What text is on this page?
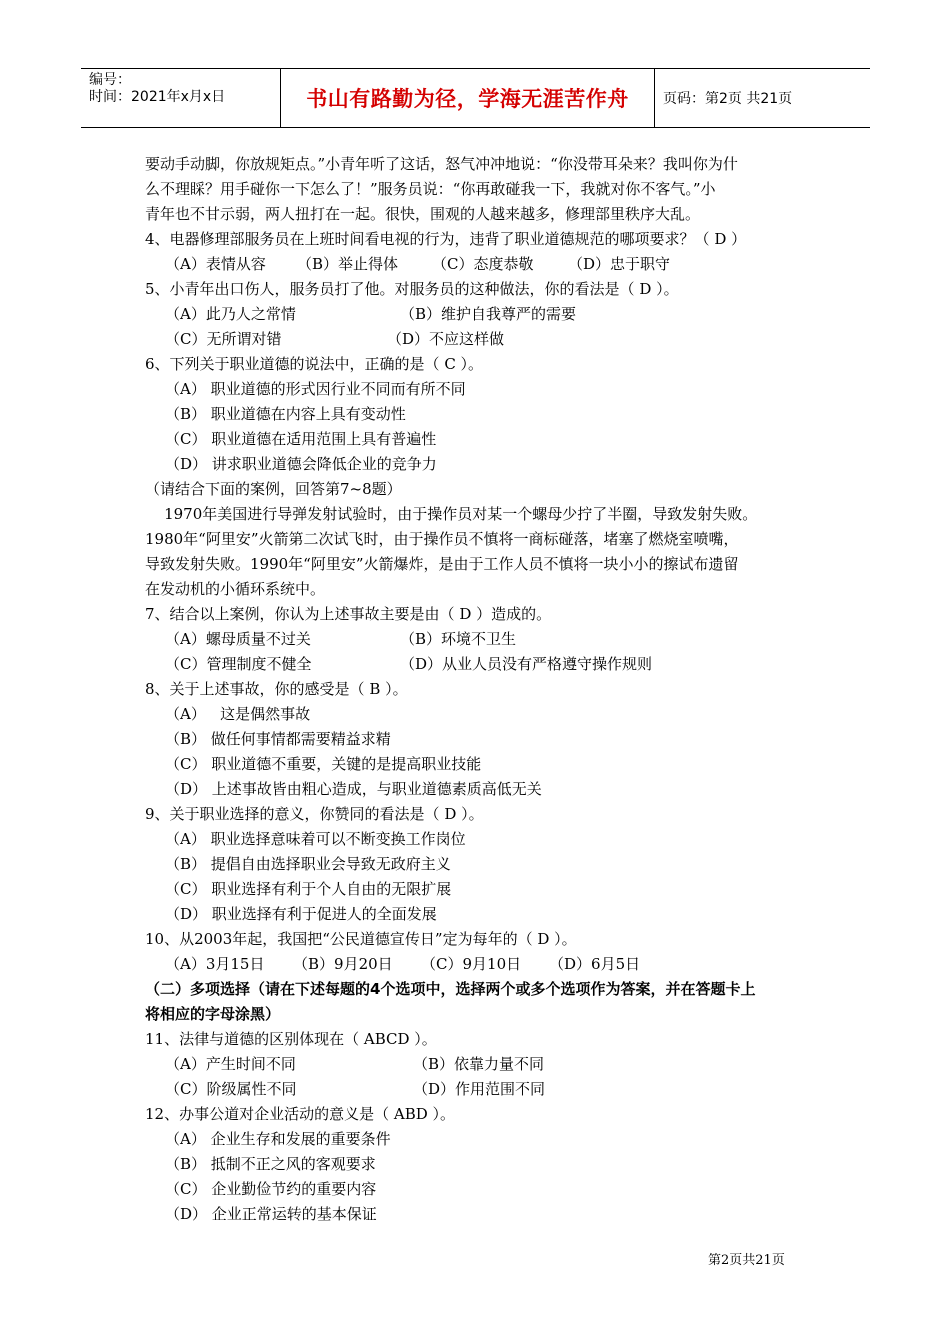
编号：
时间：2021年x月x日	书山有路勤为径，学海无涯苦作舟	页码：第2页 共21页
要动手动脚，你放规矩点。”小青年听了这话，怒气冲冲地说：“你没带耳朵来？我叫你为什
么不理睬？用手碰你一下怎么了！”服务员说：“你再敢碰我一下，我就对你不客气。”小
青年也不甘示弱，两人扭打在一起。很快，围观的人越来越多，修理部里秩序大乱。
4、电器修理部服务员在上班时间看电视的行为，违背了职业道德规范的哪项要求？（ D ）
（A）表情从容	（B）举止得体	（C）态度恭敬	（D）忠于职守
5、小青年出口伤人，服务员打了他。对服务员的这种做法，你的看法是（ D ）。
（A）此乃人之常情	（B）维护自我尊严的需要
（C）无所谓对错	（D）不应这样做
6、下列关于职业道德的说法中，正确的是（ C ）。
（A） 职业道德的形式因行业不同而有所不同
（B） 职业道德在内容上具有变动性
（C） 职业道德在适用范围上具有普遍性
（D） 讲求职业道德会降低企业的竞争力
（请结合下面的案例，回答第7~8题）
1970年美国进行导弹发射试验时，由于操作员对某一个螺母少拧了半圈，导致发射失败。
1980年“阿里安”火箭第二次试飞时，由于操作员不慎将一商标碰落，堵塞了燃烧室喷嘴，
导致发射失败。1990年“阿里安”火箭爆炸，是由于工作人员不慎将一块小小的擦试布遗留
在发动机的小循环系统中。
7、结合以上案例，你认为上述事故主要是由（ D ）造成的。
（A）螺母质量不过关	（B）环境不卫生
（C）管理制度不健全	（D）从业人员没有严格遵守操作规则
8、关于上述事故，你的感受是（ B ）。
（A）   这是偶然事故
（B） 做任何事情都需要精益求精
（C） 职业道德不重要，关键的是提高职业技能
（D） 上述事故皆由粗心造成，与职业道德素质高低无关
9、关于职业选择的意义，你赞同的看法是（ D ）。
（A） 职业选择意味着可以不断变换工作岗位
（B） 提倡自由选择职业会导致无政府主义
（C） 职业选择有利于个人自由的无限扩展
（D） 职业选择有利于促进人的全面发展
10、从2003年起，我国把“公民道德宣传日”定为每年的（ D ）。
（A）3月15日	（B）9月20日	（C）9月10日	（D）6月5日
（二）多项选择（请在下述每题的4个选项中，选择两个或多个选项作为答案，并在答题卡上
将相应的字母涂黑）
11、法律与道德的区别体现在（ ABCD ）。
（A）产生时间不同	（B）依靠力量不同
（C）阶级属性不同	（D）作用范围不同
12、办事公道对企业活动的意义是（ ABD ）。
（A） 企业生存和发展的重要条件
（B） 抵制不正之风的客观要求
（C） 企业勤俭节约的重要内容
（D） 企业正常运转的基本保证
第2页共21页
